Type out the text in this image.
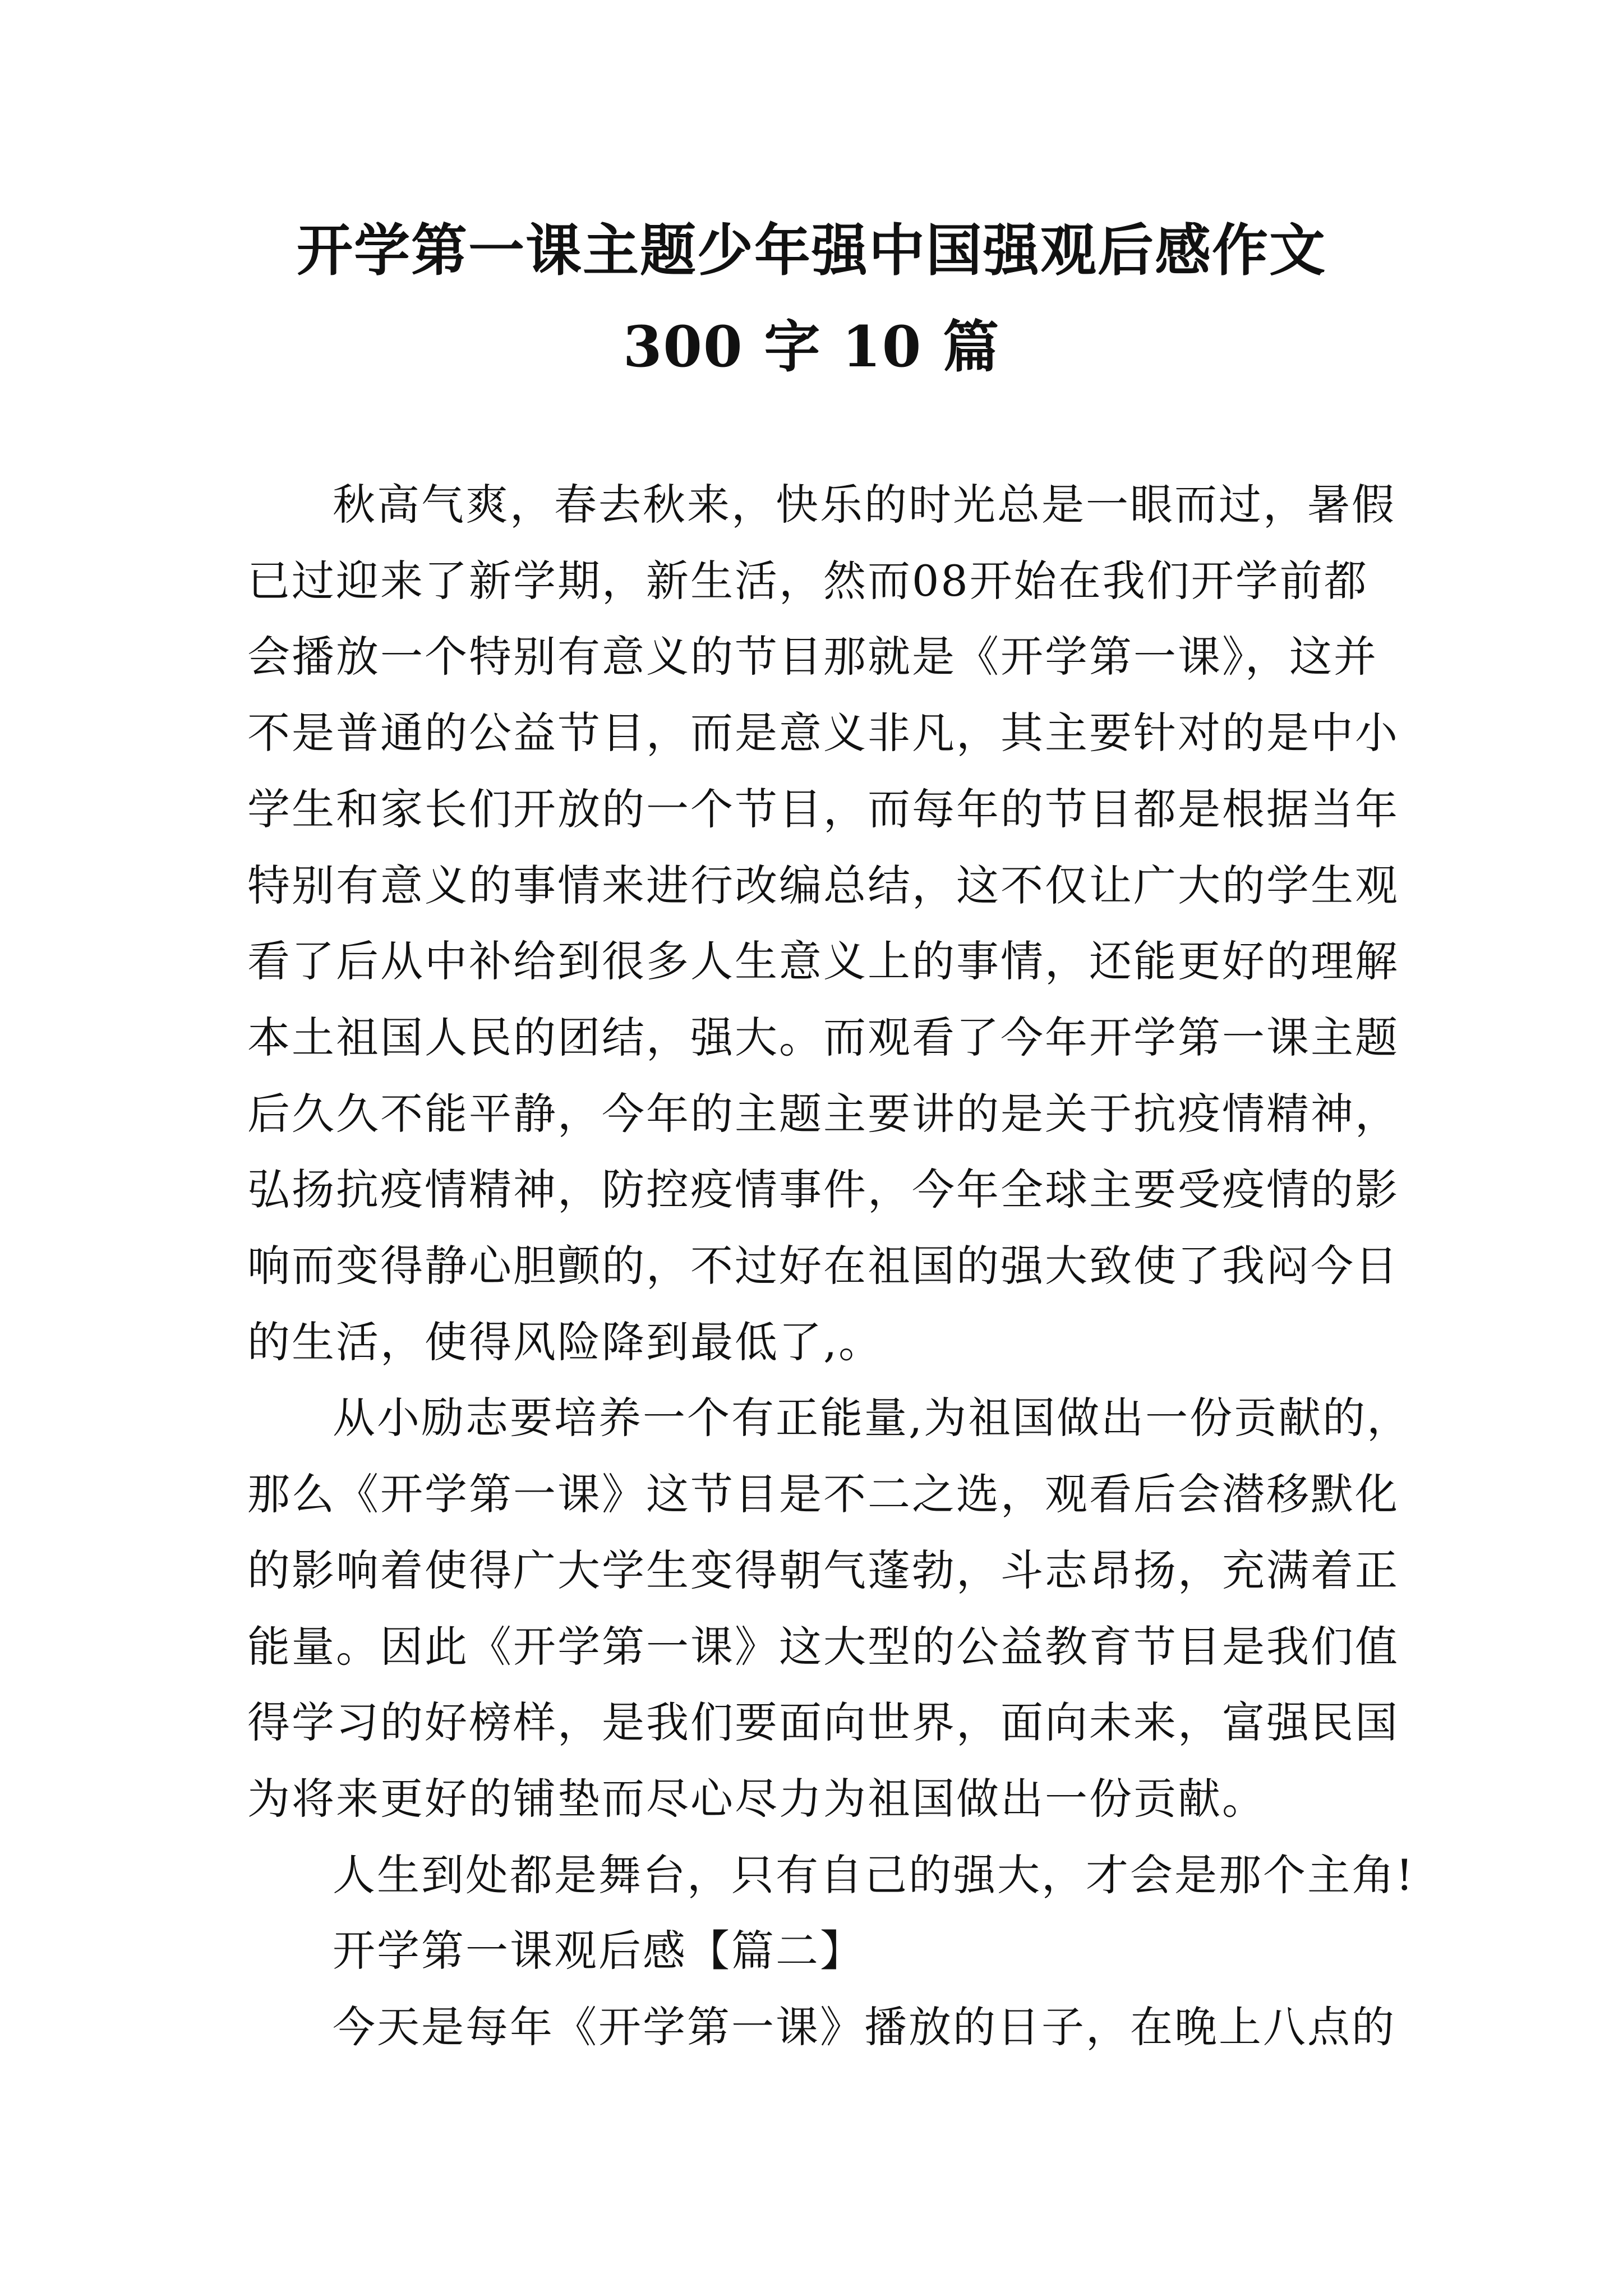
开学第一课主题少年强中国强观后感作文
300 字 10 篇
秋高气爽，春去秋来，快乐的时光总是一眼而过，暑假
已过迎来了新学期，新生活，然而08开始在我们开学前都
会播放一个特别有意义的节目那就是《开学第一课》，这并
不是普通的公益节目，而是意义非凡，其主要针对的是中小
学生和家长们开放的一个节目，而每年的节目都是根据当年
特别有意义的事情来进行改编总结，这不仅让广大的学生观
看了后从中补给到很多人生意义上的事情，还能更好的理解
本土祖国人民的团结，强大。而观看了今年开学第一课主题
后久久不能平静，今年的主题主要讲的是关于抗疫情精神，
弘扬抗疫情精神，防控疫情事件，今年全球主要受疫情的影
响而变得静心胆颤的，不过好在祖国的强大致使了我闷今日
的生活，使得风险降到最低了,。
从小励志要培养一个有正能量,为祖国做出一份贡献的，
那么《开学第一课》这节目是不二之选，观看后会潜移默化
的影响着使得广大学生变得朝气蓬勃，斗志昂扬，充满着正
能量。因此《开学第一课》这大型的公益教育节目是我们值
得学习的好榜样，是我们要面向世界，面向未来，富强民国
为将来更好的铺垫而尽心尽力为祖国做出一份贡献。
人生到处都是舞台，只有自己的强大，才会是那个主角!
开学第一课观后感【篇二】
今天是每年《开学第一课》播放的日子，在晚上八点的
